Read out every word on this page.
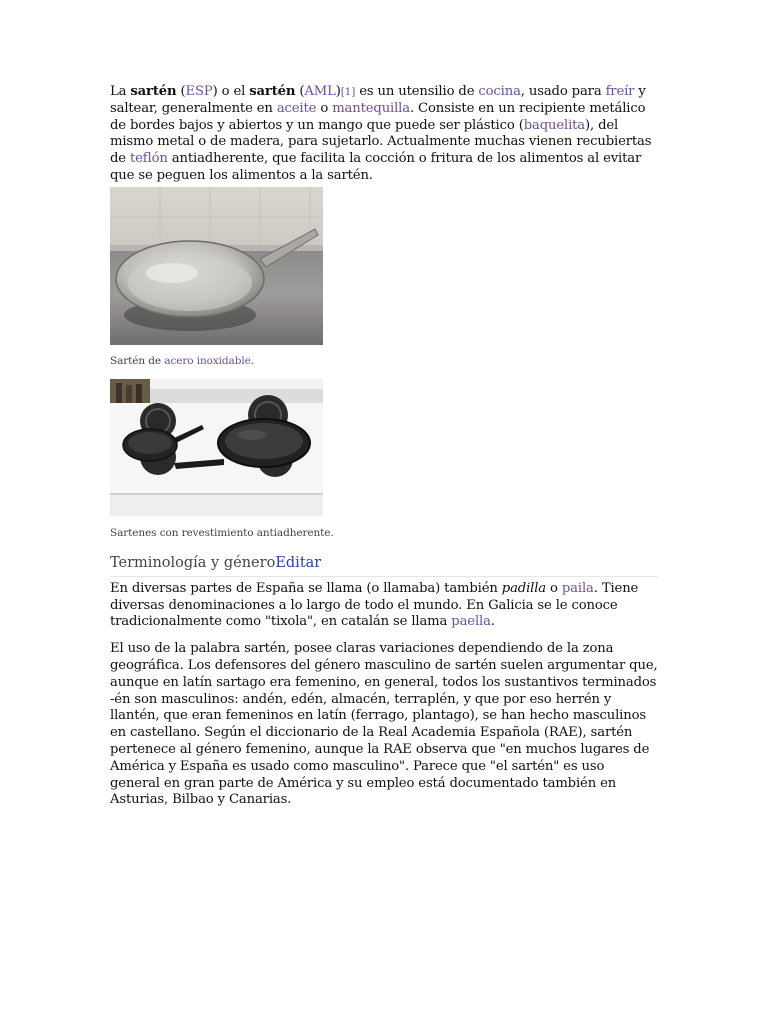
La sartén (ESP) o el sartén (AML)[1] es un utensilio de cocina, usado para freír y saltear, generalmente en aceite o mantequilla. Consiste en un recipiente metálico de bordes bajos y abiertos y un mango que puede ser plástico (baquelita), del mismo metal o de madera, para sujetarlo. Actualmente muchas vienen recubiertas
de teflón antiadherente, que facilita la cocción o fritura de los alimentos al evitar que se peguen los alimentos a la sartén.

Sartén de acero inoxidable.
Sartenes con revestimiento antiadherente.
Terminología y géneroEditar

En diversas partes de España se llama (o llamaba) también padilla o paila. Tiene diversas denominaciones a lo largo de todo el mundo. En Galicia se le conoce tradicionalmente como "tixola", en catalán se llama paella.

El uso de la palabra sartén, posee claras variaciones dependiendo de la zona geográfica. Los defensores del género masculino de sartén suelen argumentar que, aunque en latín sartago era femenino, en general, todos los sustantivos terminados -én son masculinos: andén, edén, almacén, terraplén, y que por eso herrén y llantén, que eran femeninos en latín (ferrago, plantago), se han hecho masculinos en castellano. Según el diccionario de la Real Academia Española (RAE), sartén pertenece al género femenino, aunque la RAE observa que "en muchos lugares de América y España es usado como masculino". Parece que "el sartén" es uso general en gran parte de América y su empleo está documentado también en Asturias, Bilbao y Canarias.
